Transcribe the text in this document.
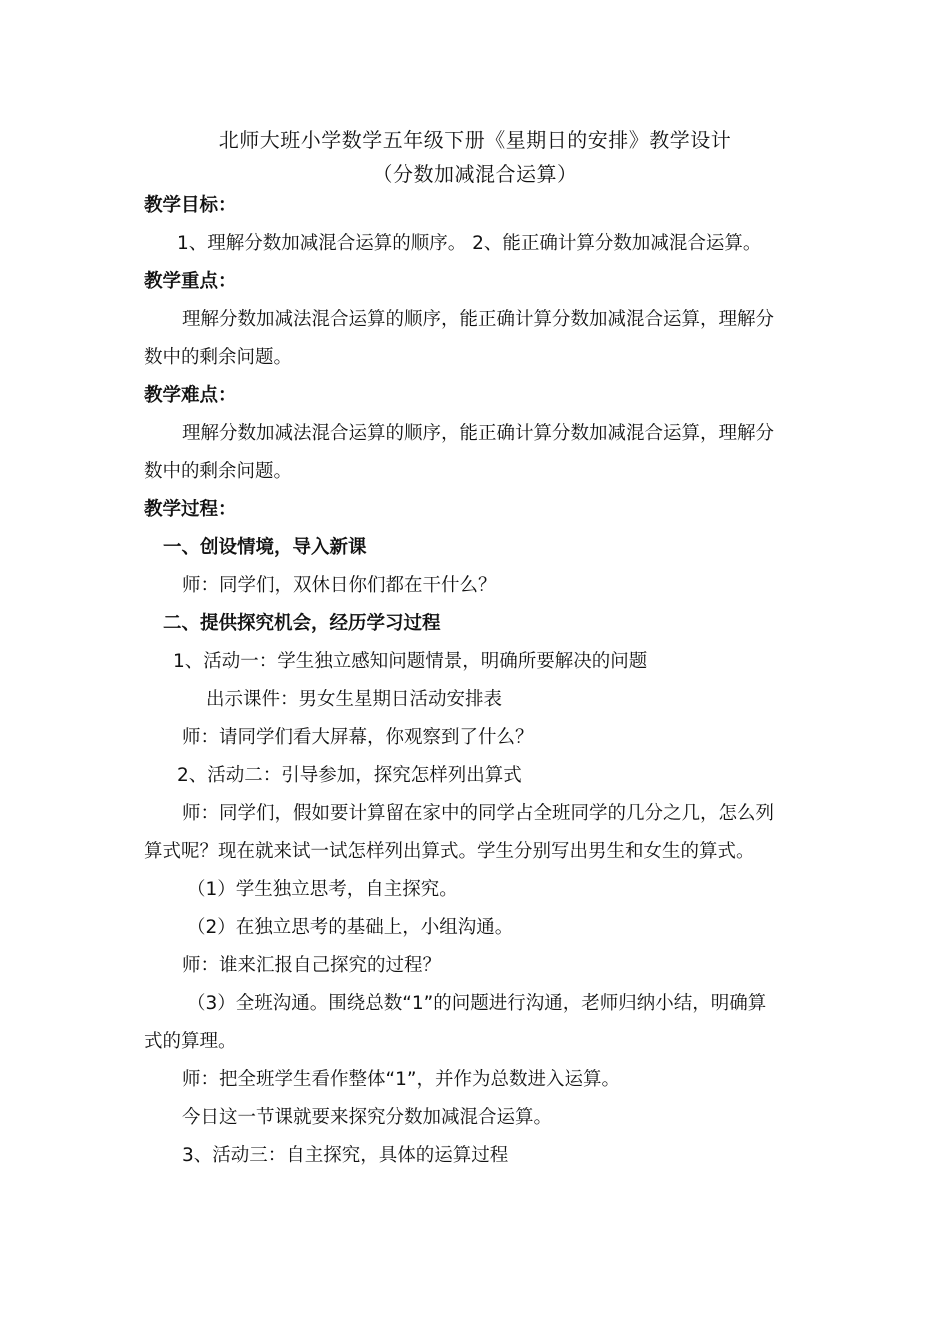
北师大班小学数学五年级下册《星期日的安排》教学设计
（分数加减混合运算）
教学目标：
1、理解分数加减混合运算的顺序。 2、能正确计算分数加减混合运算。
教学重点：
理解分数加减法混合运算的顺序，能正确计算分数加减混合运算，理解分
数中的剩余问题。
教学难点：
理解分数加减法混合运算的顺序，能正确计算分数加减混合运算，理解分
数中的剩余问题。
教学过程：
一、创设情境，导入新课
师：同学们，双休日你们都在干什么？
二、提供探究机会，经历学习过程
1、活动一：学生独立感知问题情景，明确所要解决的问题
出示课件：男女生星期日活动安排表
师：请同学们看大屏幕，你观察到了什么？
2、活动二：引导参加，探究怎样列出算式
师：同学们，假如要计算留在家中的同学占全班同学的几分之几，怎么列
算式呢？现在就来试一试怎样列出算式。学生分别写出男生和女生的算式。
（1）学生独立思考，自主探究。
（2）在独立思考的基础上，小组沟通。
师：谁来汇报自己探究的过程？
（3）全班沟通。围绕总数“1”的问题进行沟通，老师归纳小结，明确算
式的算理。
师：把全班学生看作整体“1”，并作为总数进入运算。
今日这一节课就要来探究分数加减混合运算。
3、活动三：自主探究，具体的运算过程
